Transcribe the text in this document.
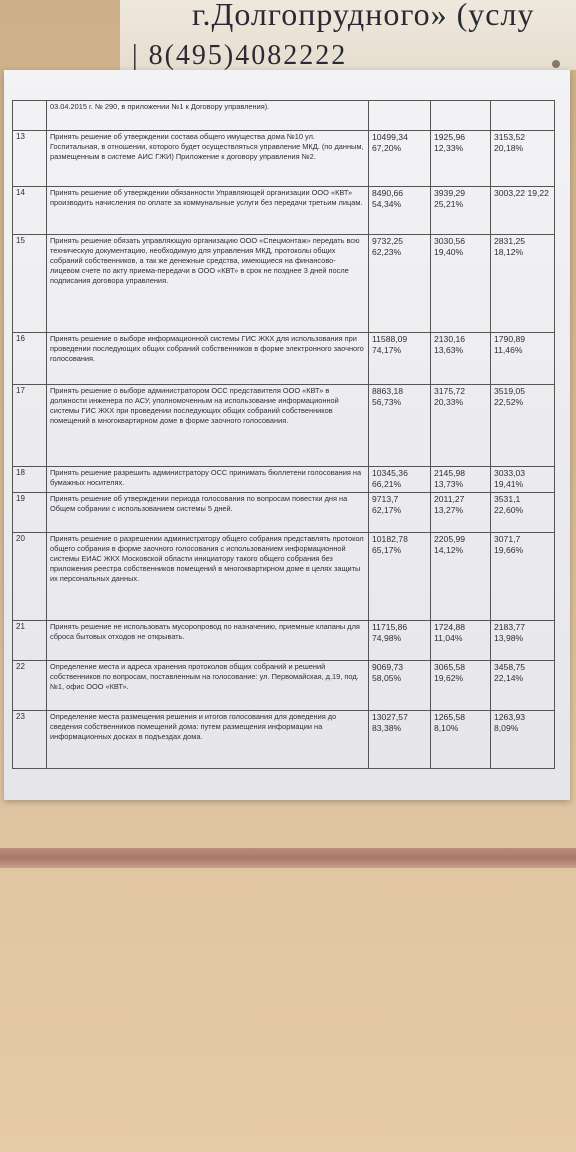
г.Долгопрудного» (услу
| 8(495)4082222
	03.04.2015 г. № 290, в приложении №1 к Договору управления).			
13	Принять решение об утверждении состава общего имущества дома №10 ул. Госпитальная, в отношении, которого будет осуществляться управление МКД. (по данным, размещенным в системе АИС ГЖИ) Приложение к договору управления №2.	10499,34 67,20%	1925,96 12,33%	3153,52 20,18%
14	Принять решение об утверждении обязанности Управляющей организации ООО «КВТ» производить начисления по оплате за коммунальные услуги без передачи третьим лицам.	8490,66 54,34%	3939,29 25,21%	3003,22 19,22
15	Принять решение обязать управляющую организацию ООО «Спецмонтаж» передать всю техническую документацию, необходимую для управления МКД, протоколы общих собраний собственников, а так же денежные средства, имеющиеся на финансово-лицевом счете по акту приема-передачи в ООО «КВТ» в срок не позднее 3 дней после подписания договора управления.	9732,25 62,23%	3030,56 19,40%	2831,25 18,12%
16	Принять решение о выборе информационной системы ГИС ЖКХ для использования при проведении последующих общих собраний собственников в форме электронного заочного голосования.	11588,09 74,17%	2130,16 13,63%	1790,89 11,46%
17	Принять решение о выборе администратором ОСС представителя ООО «КВТ» в должности инженера по АСУ, уполномоченным на использование информационной системы ГИС ЖКХ при проведении последующих общих собраний собственников помещений в многоквартирном доме в форме заочного голосования.	8863,18 56,73%	3175,72 20,33%	3519,05 22,52%
18	Принять решение разрешить администратору ОСС принимать бюллетени голосования на бумажных носителях.	10345,36 66,21%	2145,98 13,73%	3033,03 19,41%
19	Принять решение об утверждении периода голосования по вопросам повестки дня на Общем собрании с использованием системы 5 дней.	9713,7 62,17%	2011,27 13,27%	3531,1 22,60%
20	Принять решение о разрешении администратору общего собрания представлять протокол общего собрания в форме заочного голосования с использованием информационной системы ЕИАС ЖКХ Московской области инициатору такого общего собрания без приложения реестра собственников помещений в многоквартирном доме в целях защиты их персональных данных.	10182,78 65,17%	2205,99 14,12%	3071,7 19,66%
21	Принять решение не использовать мусоропровод по назначению, приемные клапаны для сброса бытовых отходов не открывать.	11715,86 74,98%	1724,88 11,04%	2183,77 13,98%
22	Определение места и адреса хранения протоколов общих собраний и решений собственников по вопросам, поставленным на голосование: ул. Первомайская, д.19, под. №1, офис ООО «КВТ».	9069,73 58,05%	3065,58 19,62%	3458,75 22,14%
23	Определение места размещения решения и итогов голосования для доведения до сведения собственников помещений дома: путем размещения информации на информационных досках в подъездах дома.	13027,57 83,38%	1265,58 8,10%	1263,93 8,09%
